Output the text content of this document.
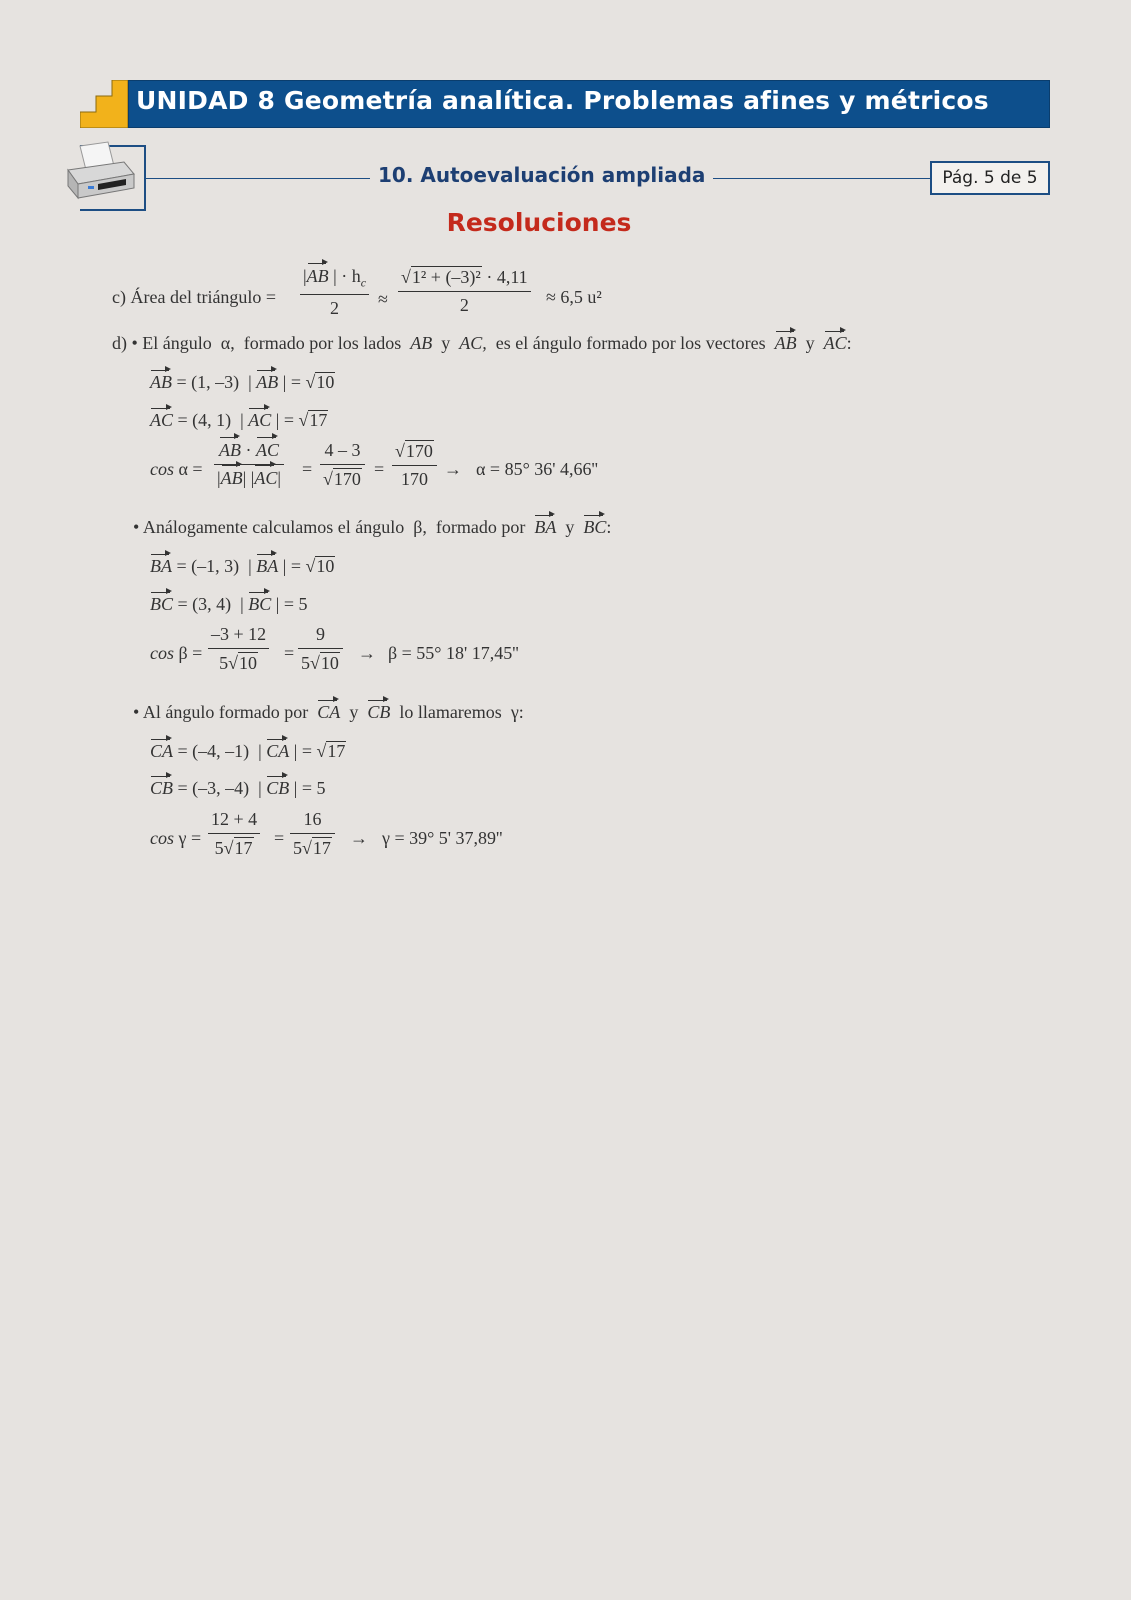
UNIDAD 8 Geometría analítica. Problemas afines y métricos
10. Autoevaluación ampliada	Pág. 5 de 5
Resoluciones
c) Área del triángulo = $\frac{|AB | \cdot h_c}{2} \approx \frac{\text{√1² + (–3)² · 4,11}}{2} \approx 6,5$ u²
d) • El ángulo α, formado por los lados AB y AC, es el ángulo formado por los vectores AB y AC:
AB = (1, –3)  | AB | = √10
AC = (4, 1)  | AC | = √17
$\cos \alpha = \frac{AB \cdot AC}{|AB| |AC|} = \frac{4 - 3}{√170} = \frac{√170}{170} \to \alpha = 85^\circ$ 36' 4,66''
• Análogamente calculamos el ángulo β, formado por BA y BC:
BA = (–1, 3)  | BA | = √10
BC = (3, 4)  | BC | = 5
$\cos \beta = \frac{-3 + 12}{5√10} = \frac{9}{5√10} \to \beta = 55^\circ$ 18' 17,45''
• Al ángulo formado por CA y CB lo llamaremos γ:
CA = (–4, –1)  | CA | = √17
CB = (–3, –4)  | CB | = 5
$\cos \gamma = \frac{12 + 4}{5√17} = \frac{16}{5√17} \to \gamma = 39^\circ$ 5' 37,89''
